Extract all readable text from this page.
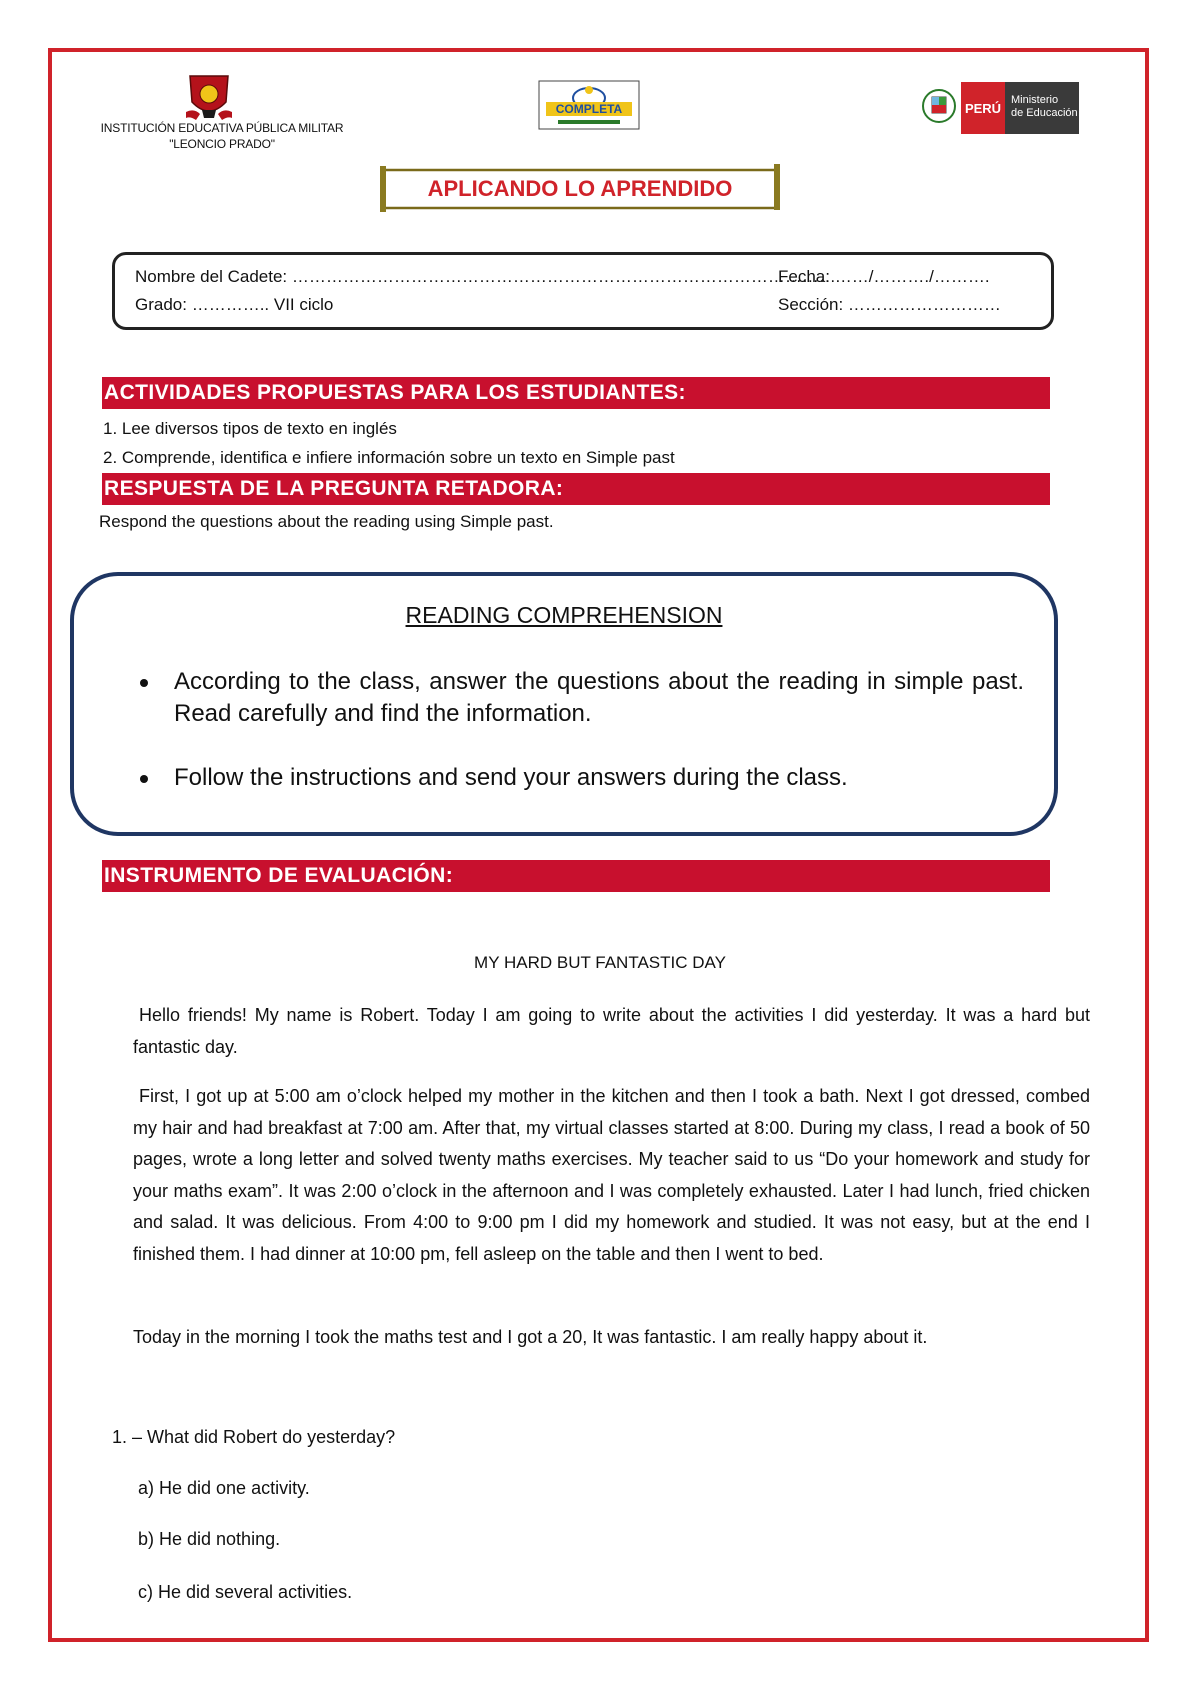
INSTITUCIÓN EDUCATIVA PÚBLICA MILITAR
"LEONCIO PRADO"
COMPLETA	PERÚ
Ministerio
de Educación
APLICANDO LO APRENDIDO
Nombre del Cadete: ……………………………………………………………………………………
Fecha: ……/………./……….
Grado: ………….. VII ciclo	Sección: ………………………
ACTIVIDADES PROPUESTAS PARA LOS ESTUDIANTES:
1. Lee diversos tipos de texto en inglés
2. Comprende, identifica e infiere información sobre un texto en Simple past
RESPUESTA DE LA PREGUNTA RETADORA:
Respond the questions about the reading using Simple past.
READING COMPREHENSION
According to the class, answer the questions about the reading in simple past. Read carefully and find the information.
Follow the instructions and send your answers during the class.
INSTRUMENTO DE EVALUACIÓN:
MY HARD BUT FANTASTIC DAY
Hello friends! My name is Robert. Today I am going to write about the activities I did yesterday. It was a hard but fantastic day.
First, I got up at 5:00 am o’clock helped my mother in the kitchen and then I took a bath. Next I got dressed, combed my hair and had breakfast at 7:00 am. After that, my virtual classes started at 8:00. During my class, I read a book of 50 pages, wrote a long letter and solved twenty maths exercises. My teacher said to us “Do your homework and study for your maths exam”. It was 2:00 o’clock in the afternoon and I was completely exhausted. Later I had lunch, fried chicken and salad. It was delicious. From 4:00 to 9:00 pm I did my homework and studied. It was not easy, but at the end I finished them. I had dinner at 10:00 pm, fell asleep on the table and then I went to bed.
Today in the morning I took the maths test and I got a 20, It was fantastic. I am really happy about it.
1. – What did Robert do yesterday?
a) He did one activity.
b) He did nothing.
c) He did several activities.
